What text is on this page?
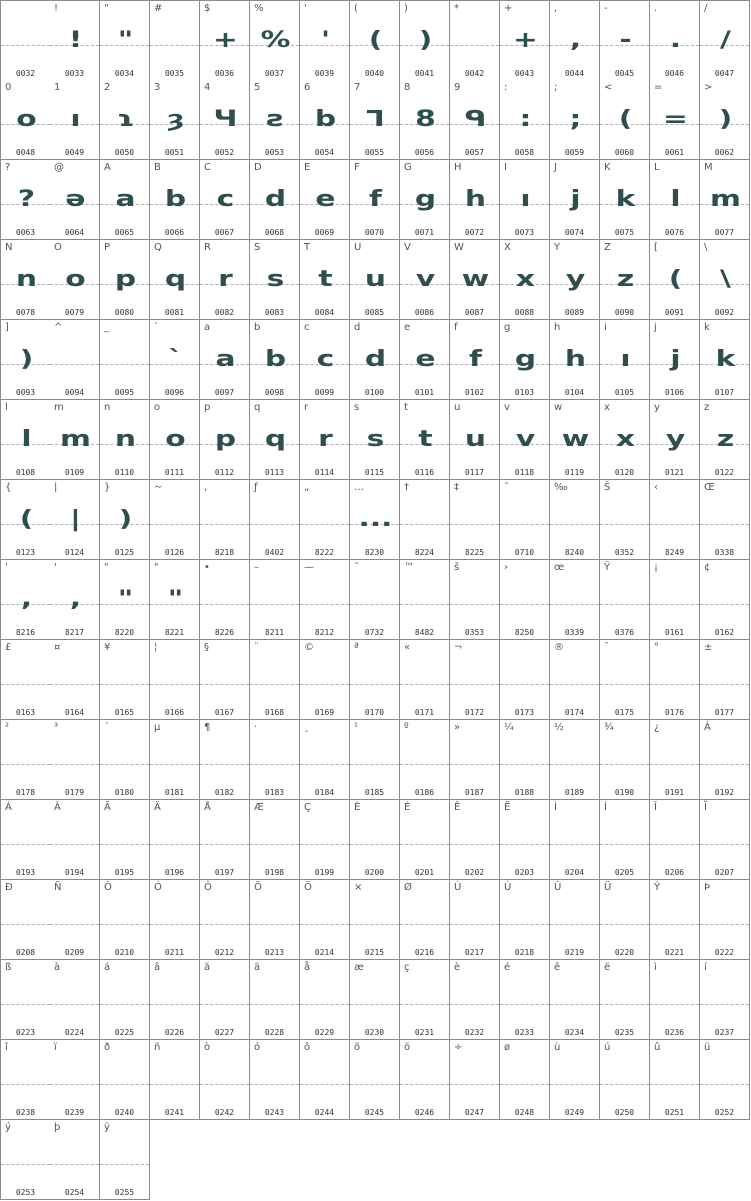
0032
!
!
0033
"
"
0034
#
0035
$
+
0036
%
%
0037
'
'
0039
(
(
0040
)
)
0041
*
0042
+
+
0043
,
,
0044
-
-
0045
.
.
0046
/
/
0047
0
o
0048
1
ı
0049
2
ɿ
0050
3
ȝ
0051
4
Ч
0052
5
ƨ
0053
6
b
0054
7
ᒣ
0055
8
8
0056
9
ᑫ
0057
:
:
0058
;
;
0059
<
(
0060
=
=
0061
>
)
0062
?
?
0063
@
ə
0064
A
a
0065
B
b
0066
C
c
0067
D
d
0068
E
e
0069
F
f
0070
G
g
0071
H
h
0072
I
ı
0073
J
j
0074
K
k
0075
L
l
0076
M
m
0077
N
n
0078
O
o
0079
P
p
0080
Q
q
0081
R
r
0082
S
s
0083
T
t
0084
U
u
0085
V
v
0086
W
w
0087
X
x
0088
Y
y
0089
Z
z
0090
[
(
0091
\
\
0092
]
)
0093
^
0094
_
0095
`
`
0096
a
a
0097
b
b
0098
c
c
0099
d
d
0100
e
e
0101
f
f
0102
g
g
0103
h
h
0104
i
ı
0105
j
j
0106
k
k
0107
l
l
0108
m
m
0109
n
n
0110
o
o
0111
p
p
0112
q
q
0113
r
r
0114
s
s
0115
t
t
0116
u
u
0117
v
v
0118
w
w
0119
x
x
0120
y
y
0121
z
z
0122
{
(
0123
|
|
0124
}
)
0125
~
0126
‚
8218
ƒ
0402
„
8222
…
...
8230
†
8224
‡
8225
ˆ
0710
‰
8240
Š
0352
‹
8249
Œ
0338
'
,
8216
'
,
8217
"
"
8220
"
"
8221
•
8226
–
8211
—
8212
˜
0732
™
8482
š
0353
›
8250
œ
0339
Ÿ
0376
¡
0161
¢
0162
£
0163
¤
0164
¥
0165
¦
0166
§
0167
¨
0168
©
0169
ª
0170
«
0171
¬
0172	0173
®
0174
¯
0175
°
0176
±
0177
²
0178
³
0179
´
0180
µ
0181
¶
0182
·
0183
¸
0184
¹
0185
º
0186
»
0187
¼
0188
½
0189
¾
0190
¿
0191
À
0192
Á
0193
Â
0194
Ã
0195
Ä
0196
Å
0197
Æ
0198
Ç
0199
È
0200
É
0201
Ê
0202
Ë
0203
Ì
0204
Í
0205
Î
0206
Ï
0207
Ð
0208
Ñ
0209
Ò
0210
Ó
0211
Ô
0212
Õ
0213
Ö
0214
×
0215
Ø
0216
Ù
0217
Ú
0218
Û
0219
Ü
0220
Ý
0221
Þ
0222
ß
0223
à
0224
á
0225
â
0226
ã
0227
ä
0228
å
0229
æ
0230
ç
0231
è
0232
é
0233
ê
0234
ë
0235
ì
0236
í
0237
î
0238
ï
0239
ð
0240
ñ
0241
ò
0242
ó
0243
ô
0244
õ
0245
ö
0246
÷
0247
ø
0248
ù
0249
ú
0250
û
0251
ü
0252
ý
0253
þ
0254
ÿ
0255
